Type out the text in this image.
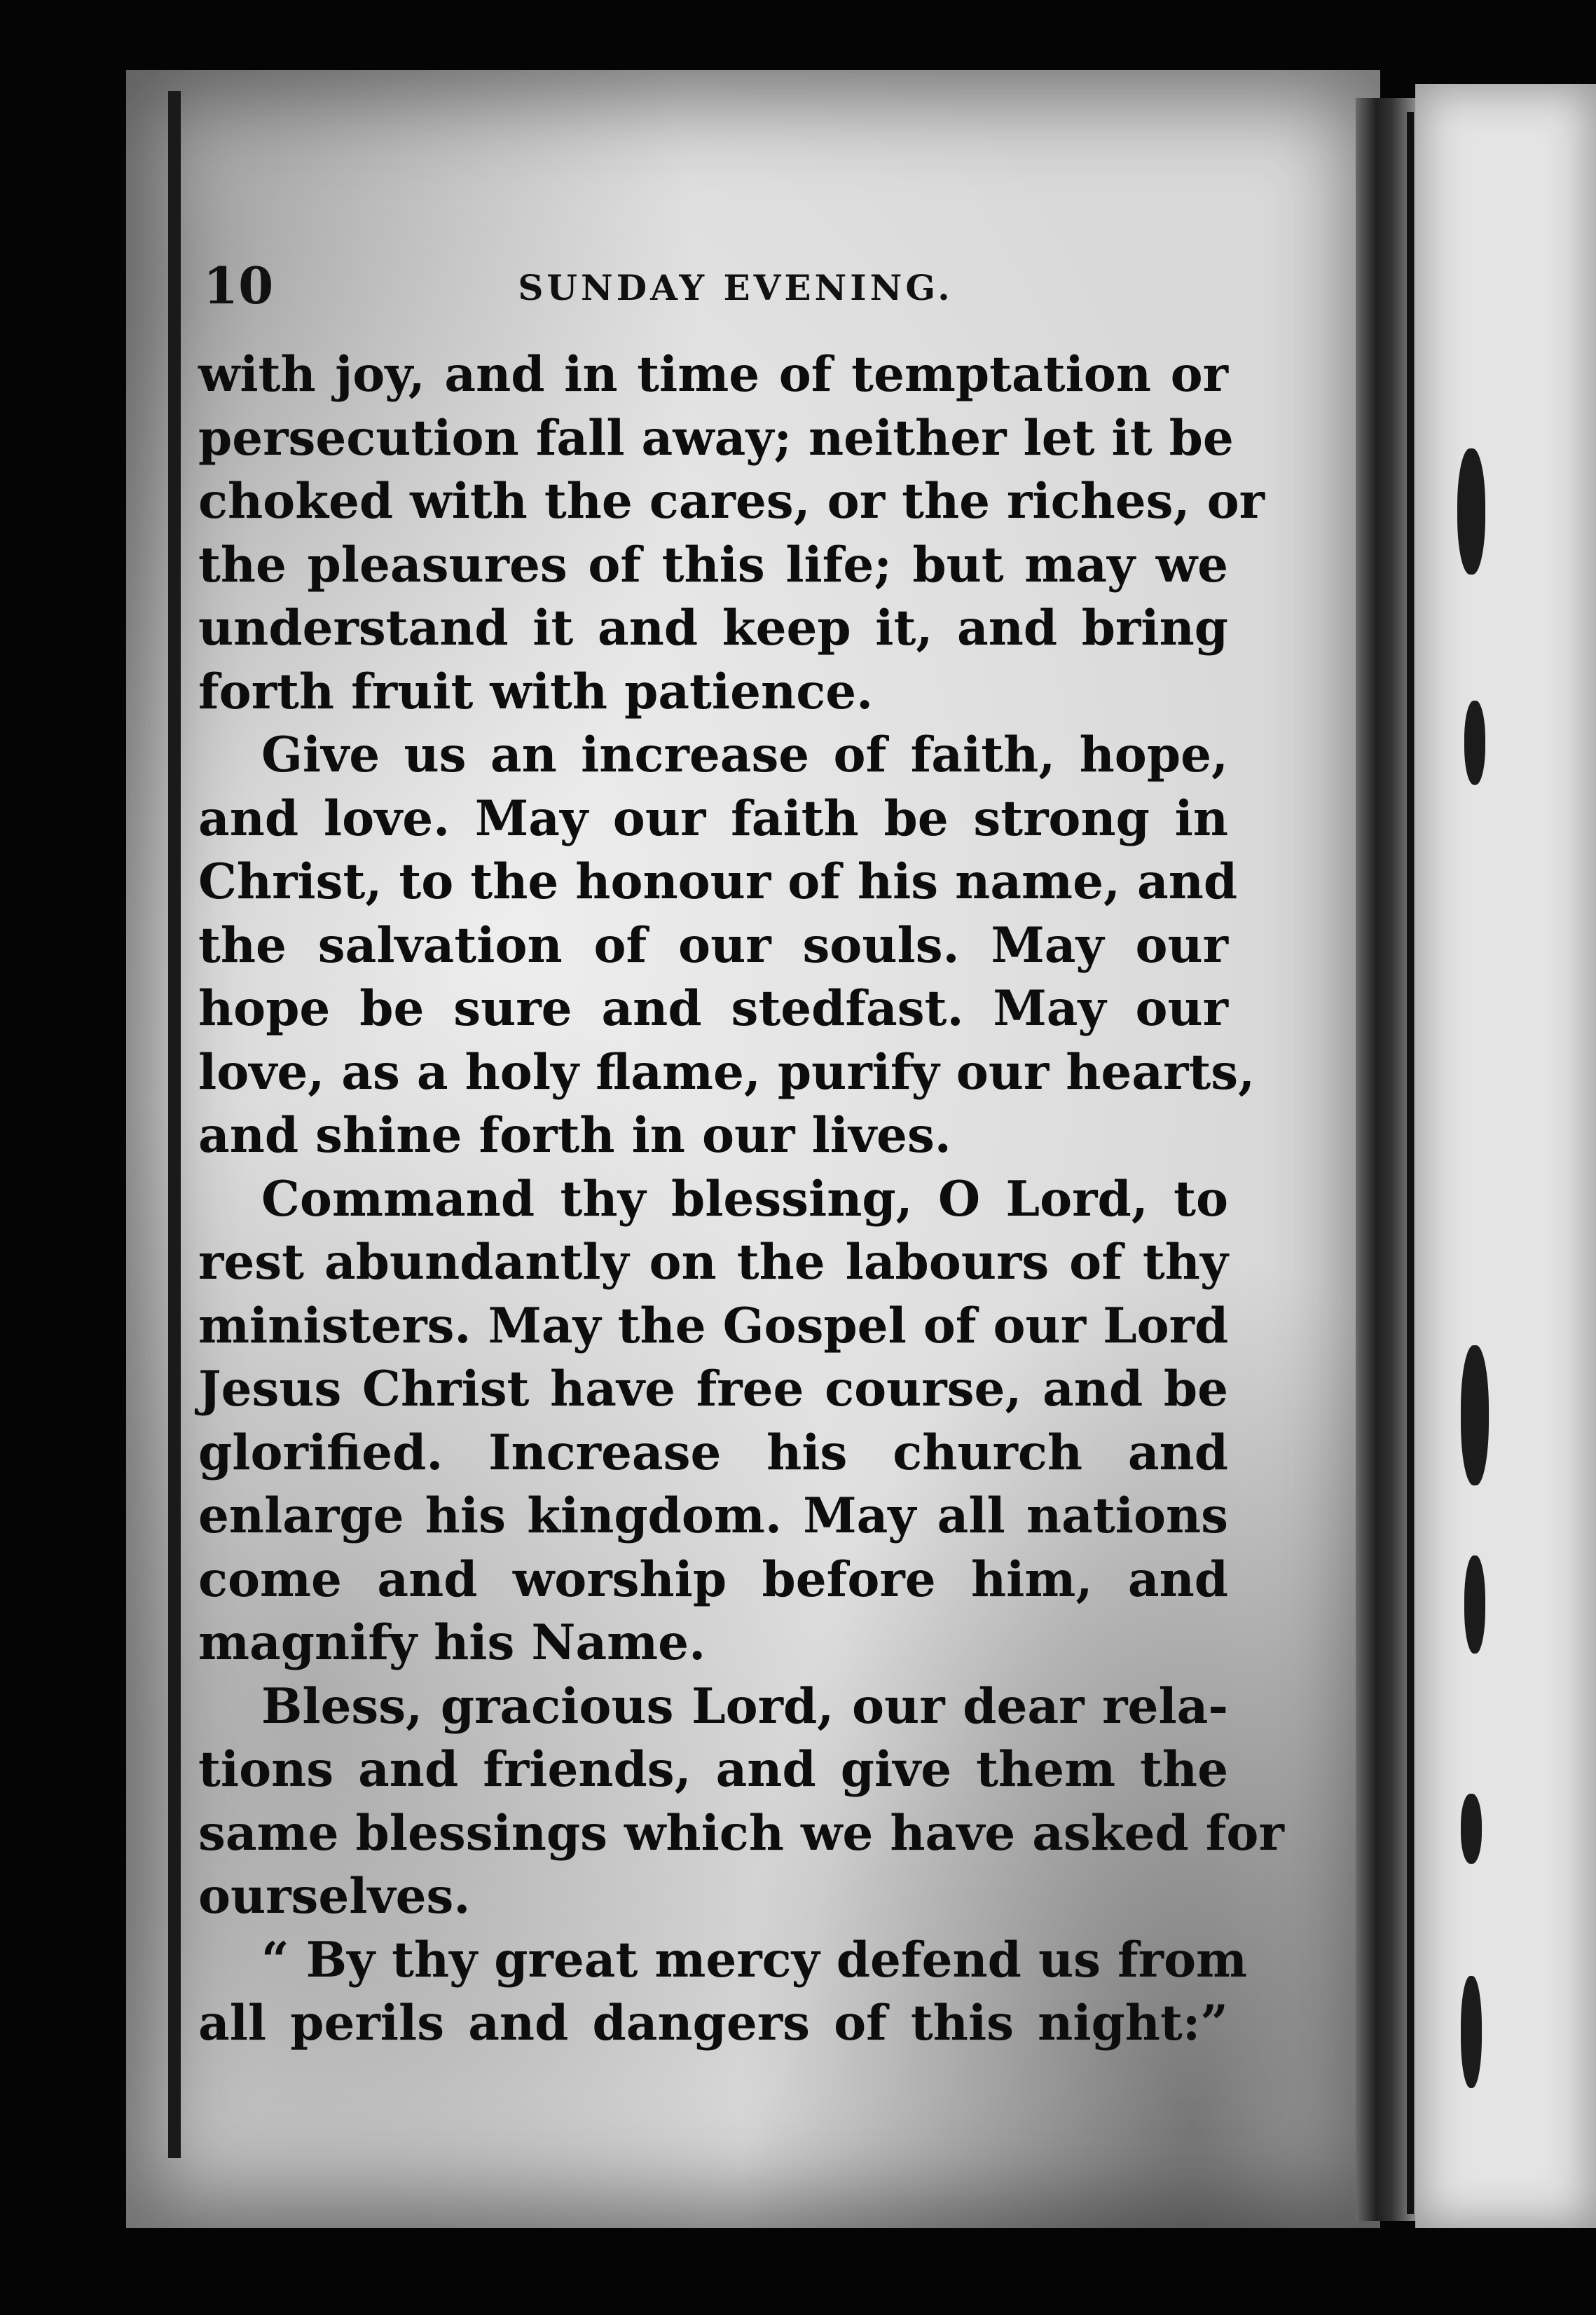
10	SUNDAY EVENING.
with joy, and in time of temptation or
persecution fall away; neither let it be
choked with the cares, or the riches, or
the pleasures of this life; but may we
understand it and keep it, and bring
forth fruit with patience.
Give us an increase of faith, hope,
and love. May our faith be strong in
Christ, to the honour of his name, and
the salvation of our souls. May our
hope be sure and stedfast. May our
love, as a holy flame, purify our hearts,
and shine forth in our lives.
Command thy blessing, O Lord, to
rest abundantly on the labours of thy
ministers. May the Gospel of our Lord
Jesus Christ have free course, and be
glorified. Increase his church and
enlarge his kingdom. May all nations
come and worship before him, and
magnify his Name.
Bless, gracious Lord, our dear rela-
tions and friends, and give them the
same blessings which we have asked for
ourselves.
“ By thy great mercy defend us from
all perils and dangers of this night:”
